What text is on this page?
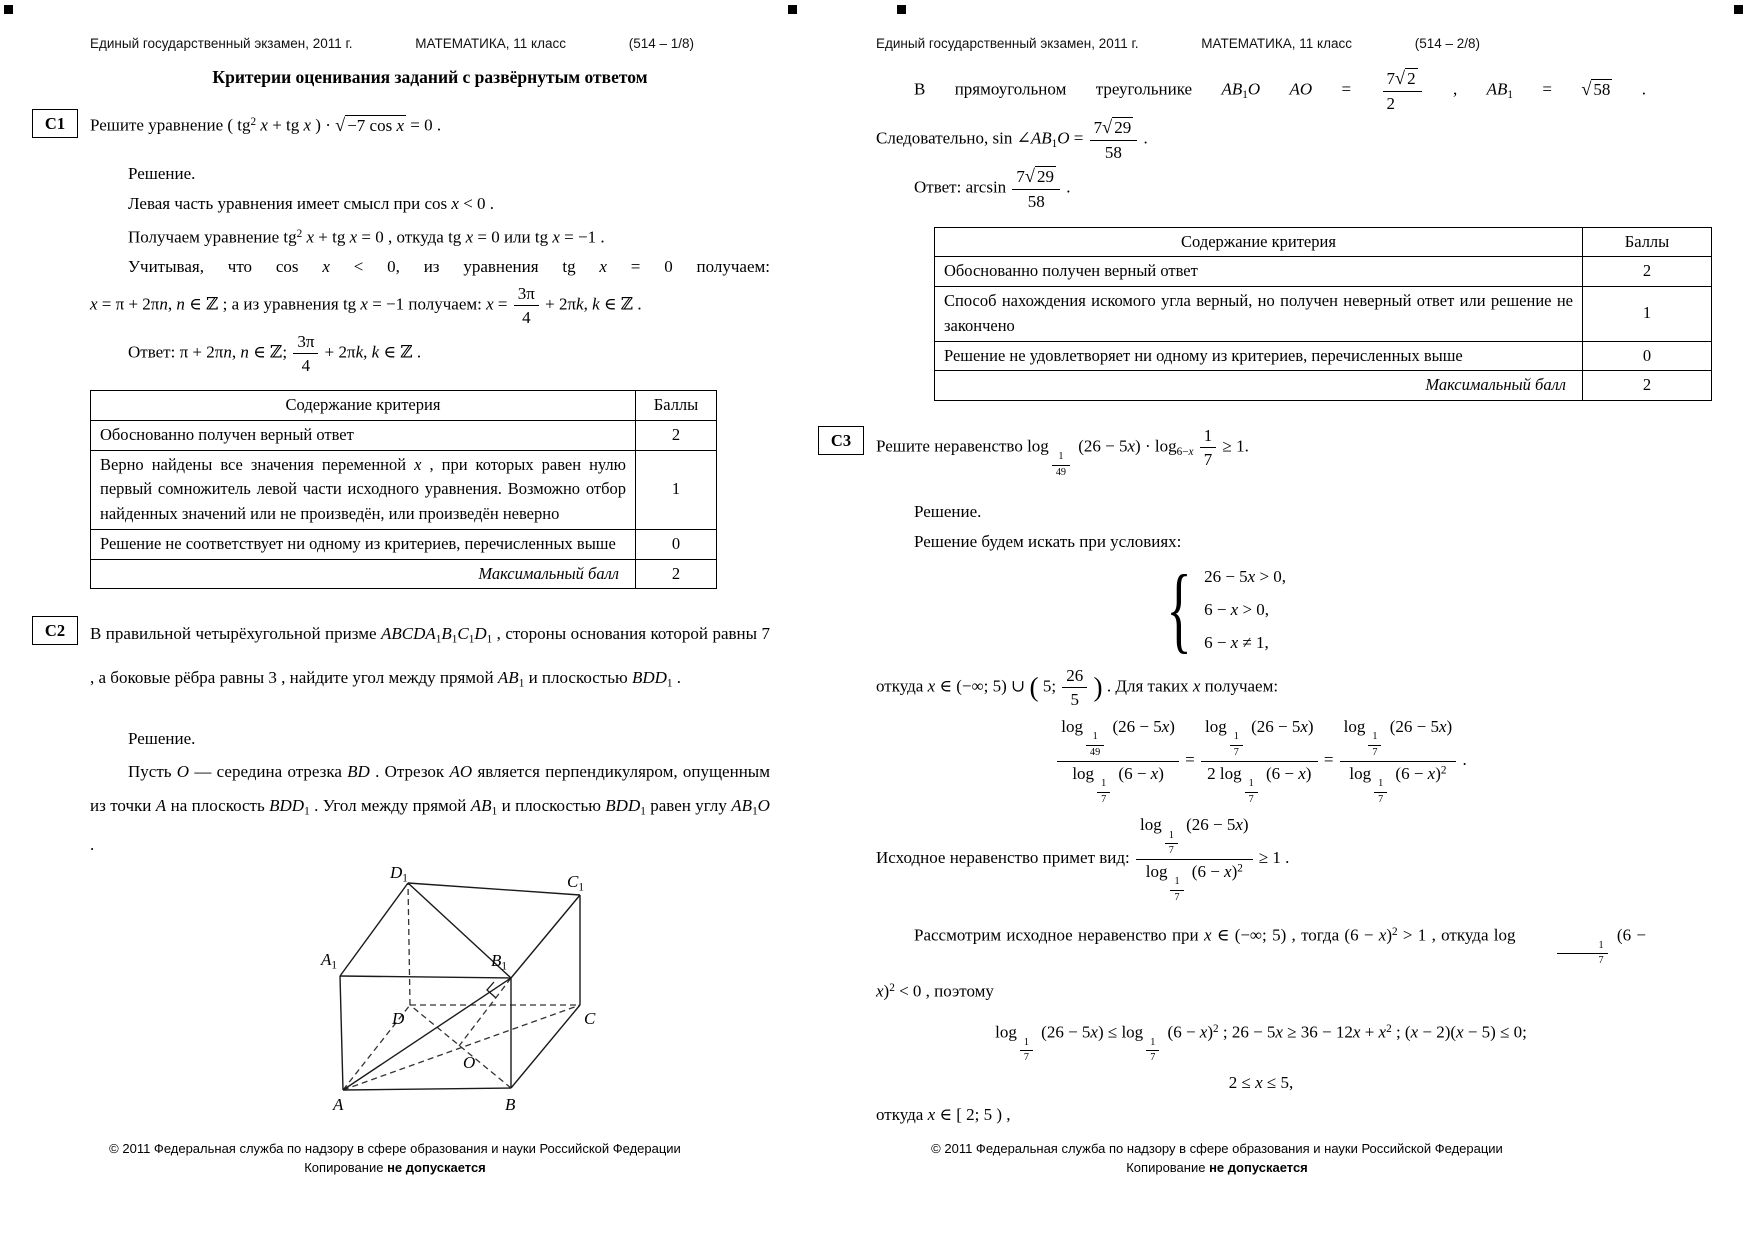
Единый государственный экзамен, 2011 г.	МАТЕМАТИКА, 11 класс	(514 – 1/8)
Критерии оценивания заданий с развёрнутым ответом
C1	Решите уравнение ( $tg^2$ x + tg x ) · √ −7 cos x = 0 .
Решение.
Левая часть уравнения имеет смысл при cos x < 0 .
Получаем уравнение $tg^2$ x + tg x = 0 , откуда tg x = 0 или tg x = −1 .
Учитывая, что cos x < 0, из уравнения tg x = 0 получаем:
x = π + 2πn, n ∈ ℤ ; а из уравнения tg x = −1 получаем: $x = \frac{3\pi}{4} + 2\pi k$, k ∈ ℤ .
Ответ: π + 2πn, n ∈ ℤ; $\frac{3\pi}{4} + 2\pi k$, k ∈ ℤ .
Содержание критерия	Баллы
Обоснованно получен верный ответ	2
Верно найдены все значения переменной x , при которых равен нулю первый сомножитель левой части исходного уравнения. Возможно отбор найденных значений или не произведён, или произведён неверно	1
Решение не соответствует ни одному из критериев, перечисленных выше	0
Максимальный балл	2
C2	В правильной четырёхугольной призме $ABCDA_1B_1C_1D_1$ , стороны основания которой равны 7 , а боковые рёбра равны 3 , найдите угол между прямой $AB_1$ и плоскостью $BDD_1$ .
Решение.
Пусть O — середина отрезка BD . Отрезок AO является перпендикуляром, опущенным из точки A на плоскость $BDD_1$ . Угол между прямой $AB_1$ и плоскостью $BDD_1$ равен углу $AB_1O$ .
$D_1$	$C_1$
$A_1$	$B_1$
D	C
O
A	B
© 2011 Федеральная служба по надзору в сфере образования и науки Российской Федерации
Копирование не допускается
Единый государственный экзамен, 2011 г.	МАТЕМАТИКА, 11 класс	(514 – 2/8)
В прямоугольном треугольнике $AB_1O$ AO = $\frac{7√ 2}{2}$ , $AB_1$ = √ 58 .
Следовательно, $\sin \angle AB_1O = \frac{7√ 29}{58}$ .
Ответ: $\arcsin \frac{7√ 29}{58}$ .
Содержание критерия	Баллы
Обоснованно получен верный ответ	2
Способ нахождения искомого угла верный, но получен неверный ответ или решение не закончено	1
Решение не удовлетворяет ни одному из критериев, перечисленных выше	0
Максимальный балл	2
C3	Решите неравенство log
$\frac{1}{49}$
$(26 - 5x) \cdot \log_{6-x} \frac{1}{7} \ge 1$.
Решение.
Решение будем искать при условиях:
{ 26 − 5x > 0,
6 − x > 0,
6 − x ≠ 1,
откуда x ∈ (−∞; 5) ∪ ( 5; $\frac{26}{5}$ ) . Для таких x получаем:
log
$\frac{1}{49}$
(26 − 5x)
log
$\frac{1}{7}$
(6 − x) = log
$\frac{1}{7}$
(26 − 5x)
2 log
$\frac{1}{7}$
(6 − x) = log
$\frac{1}{7}$
(26 − 5x)
log
$\frac{1}{7}$
$(6 - x)^2$ .
Исходное неравенство примет вид: log
$\frac{1}{7}$
(26 − 5x)
log
$\frac{1}{7}$
$(6 - x)^2 \ge 1$ .
Рассмотрим исходное неравенство при x ∈ (−∞; 5) , тогда $(6 - x)^2 > 1$ , откуда log
$\frac{1}{7}$
$(6 - x)^2 < 0$ , поэтому
log
$\frac{1}{7}$
(26 − 5x) ≤ log
$\frac{1}{7}$
$(6 - x)^2$ ; $26 - 5x \ge 36 - 12x + x^2$ ; (x − 2)(x − 5) ≤ 0;
2 ≤ x ≤ 5,
откуда x ∈ [ 2; 5 ) ,
© 2011 Федеральная служба по надзору в сфере образования и науки Российской Федерации
Копирование не допускается
